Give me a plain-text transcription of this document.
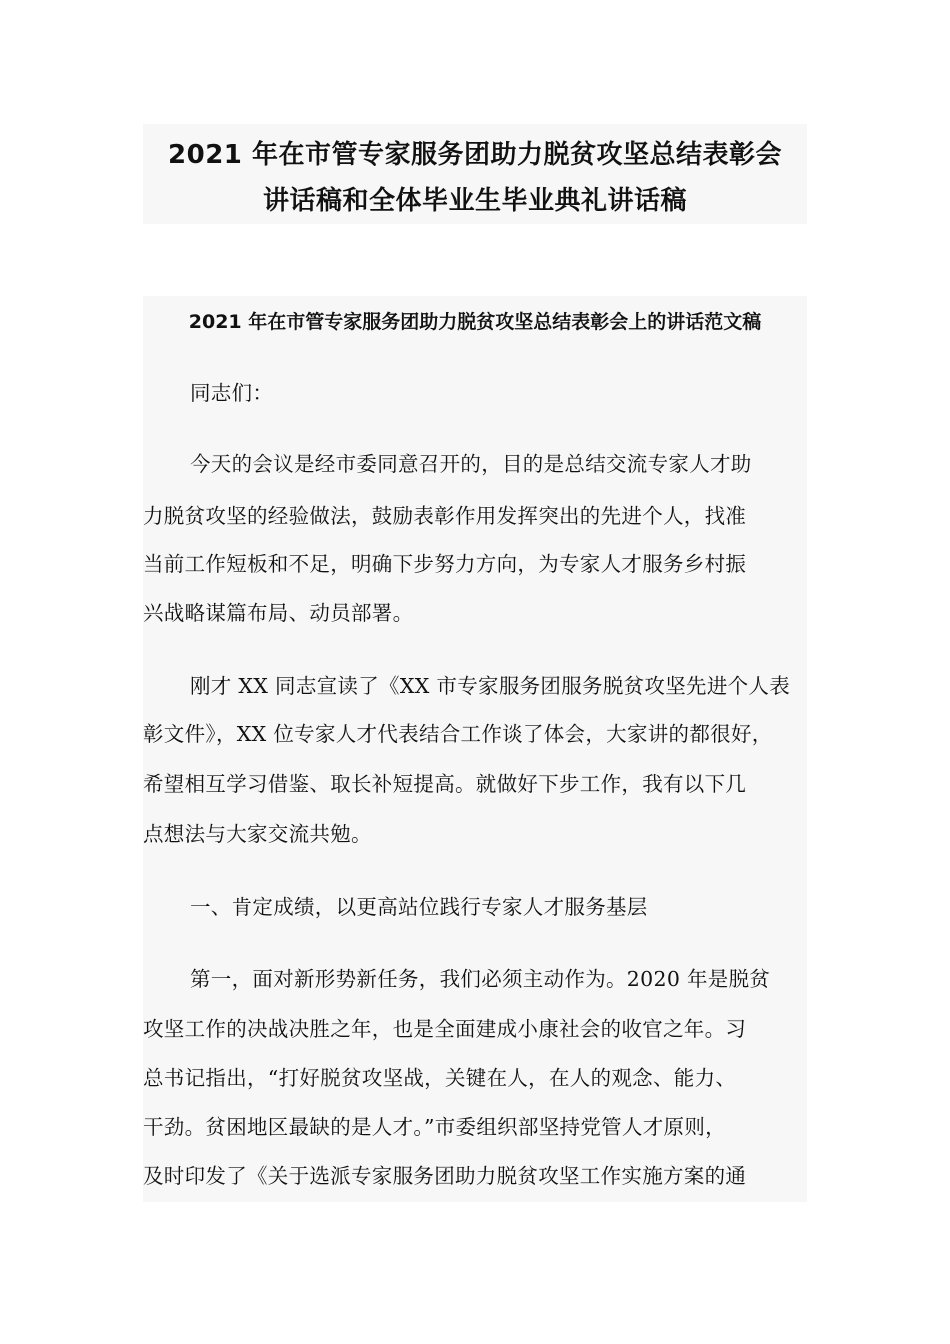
2021 年在市管专家服务团助力脱贫攻坚总结表彰会
讲话稿和全体毕业生毕业典礼讲话稿
2021 年在市管专家服务团助力脱贫攻坚总结表彰会上的讲话范文稿
同志们：
今天的会议是经市委同意召开的，目的是总结交流专家人才助
力脱贫攻坚的经验做法，鼓励表彰作用发挥突出的先进个人，找准
当前工作短板和不足，明确下步努力方向，为专家人才服务乡村振
兴战略谋篇布局、动员部署。
刚才 XX 同志宣读了《XX 市专家服务团服务脱贫攻坚先进个人表
彰文件》，XX 位专家人才代表结合工作谈了体会，大家讲的都很好，
希望相互学习借鉴、取长补短提高。就做好下步工作，我有以下几
点想法与大家交流共勉。
一、肯定成绩，以更高站位践行专家人才服务基层
第一，面对新形势新任务，我们必须主动作为。2020 年是脱贫
攻坚工作的决战决胜之年，也是全面建成小康社会的收官之年。习
总书记指出，“打好脱贫攻坚战，关键在人，在人的观念、能力、
干劲。贫困地区最缺的是人才。”市委组织部坚持党管人才原则，
及时印发了《关于选派专家服务团助力脱贫攻坚工作实施方案的通
